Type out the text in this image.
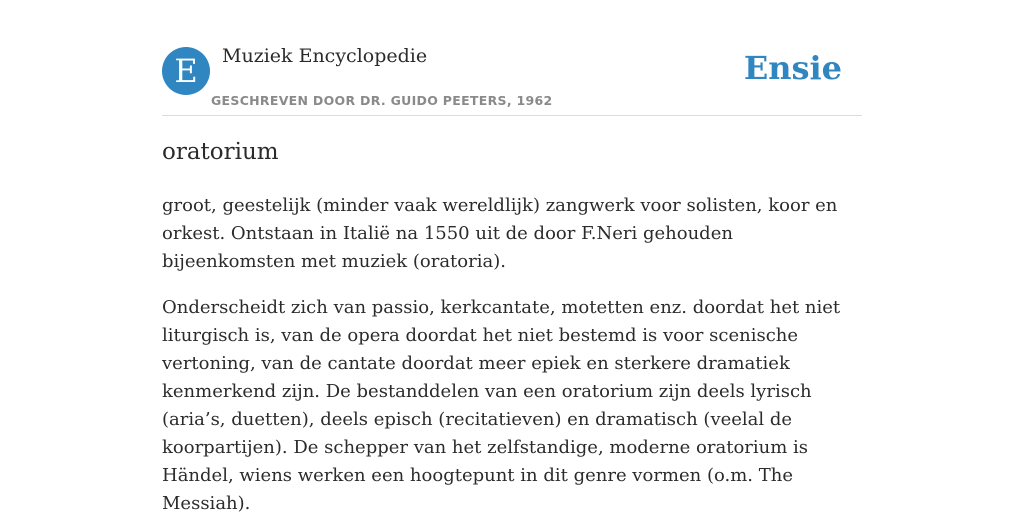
E	Muziek Encyclopedie
GESCHREVEN DOOR DR. GUIDO PEETERS, 1962
Ensie
oratorium

groot, geestelijk (minder vaak wereldlijk) zangwerk voor solisten, koor en orkest. Ontstaan in Italië na 1550 uit de door F.Neri gehouden bijeenkomsten met muziek (oratoria).

Onderscheidt zich van passio, kerkcantate, motetten enz. doordat het niet liturgisch is, van de opera doordat het niet bestemd is voor scenische vertoning, van de cantate doordat meer epiek en sterkere dramatiek kenmerkend zijn. De bestanddelen van een oratorium zijn deels lyrisch (aria’s, duetten), deels episch (recitatieven) en dramatisch (veelal de koorpartijen). De schepper van het zelfstandige, moderne oratorium is Händel, wiens werken een hoogtepunt in dit genre vormen (o.m. The Messiah).
